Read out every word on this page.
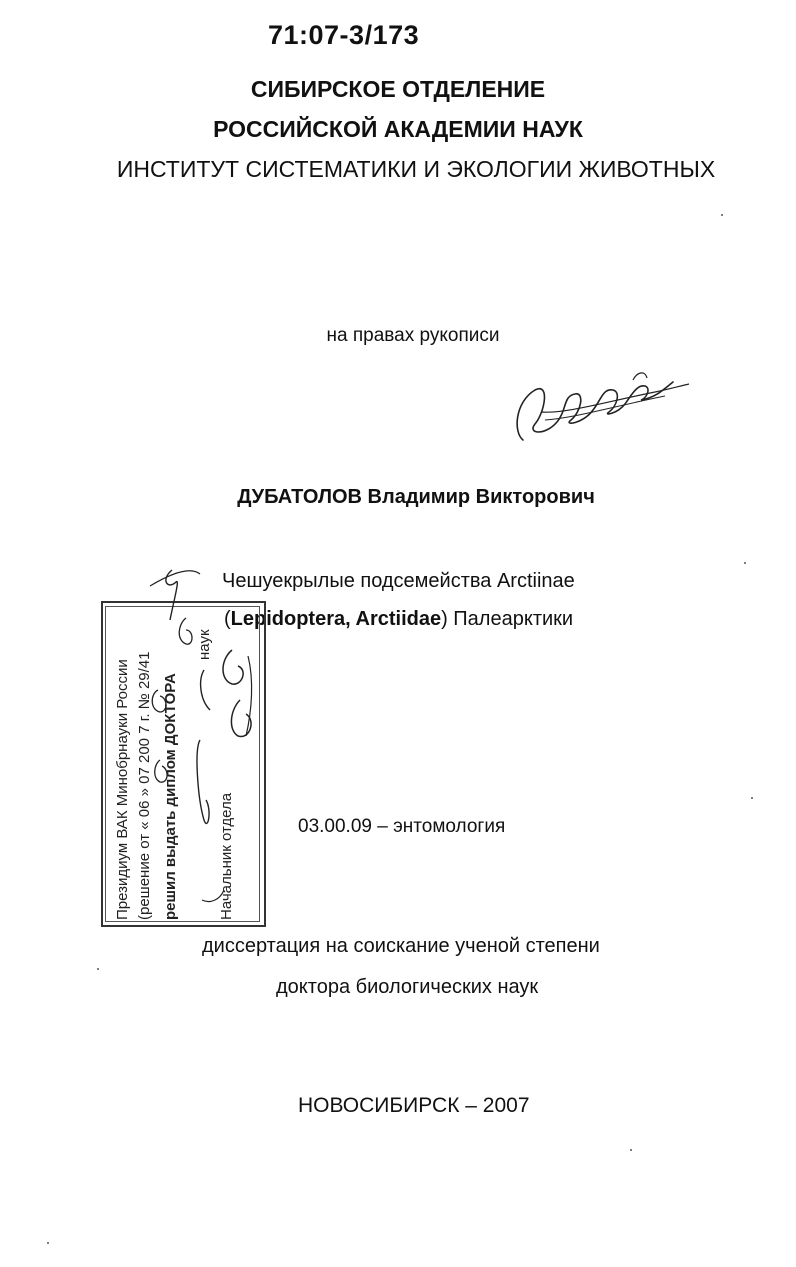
71:07-3/173
СИБИРСКОЕ ОТДЕЛЕНИЕ
РОССИЙСКОЙ АКАДЕМИИ НАУК
ИНСТИТУТ СИСТЕМАТИКИ И ЭКОЛОГИИ ЖИВОТНЫХ
на правах рукописи
ДУБАТОЛОВ Владимир Викторович
Чешуекрылые подсемейства Arctiinae
(Lepidoptera, Arctiidae) Палеарктики
Президиум ВАК Минобрнауки России (решение от « 06 » 07 200 7 г. № 29/41 решил выдать диплом ДОКТОРА
наук
Начальник отдела	03.00.09 – энтомология
диссертация на соискание ученой степени
доктора биологических наук
НОВОСИБИРСК – 2007
